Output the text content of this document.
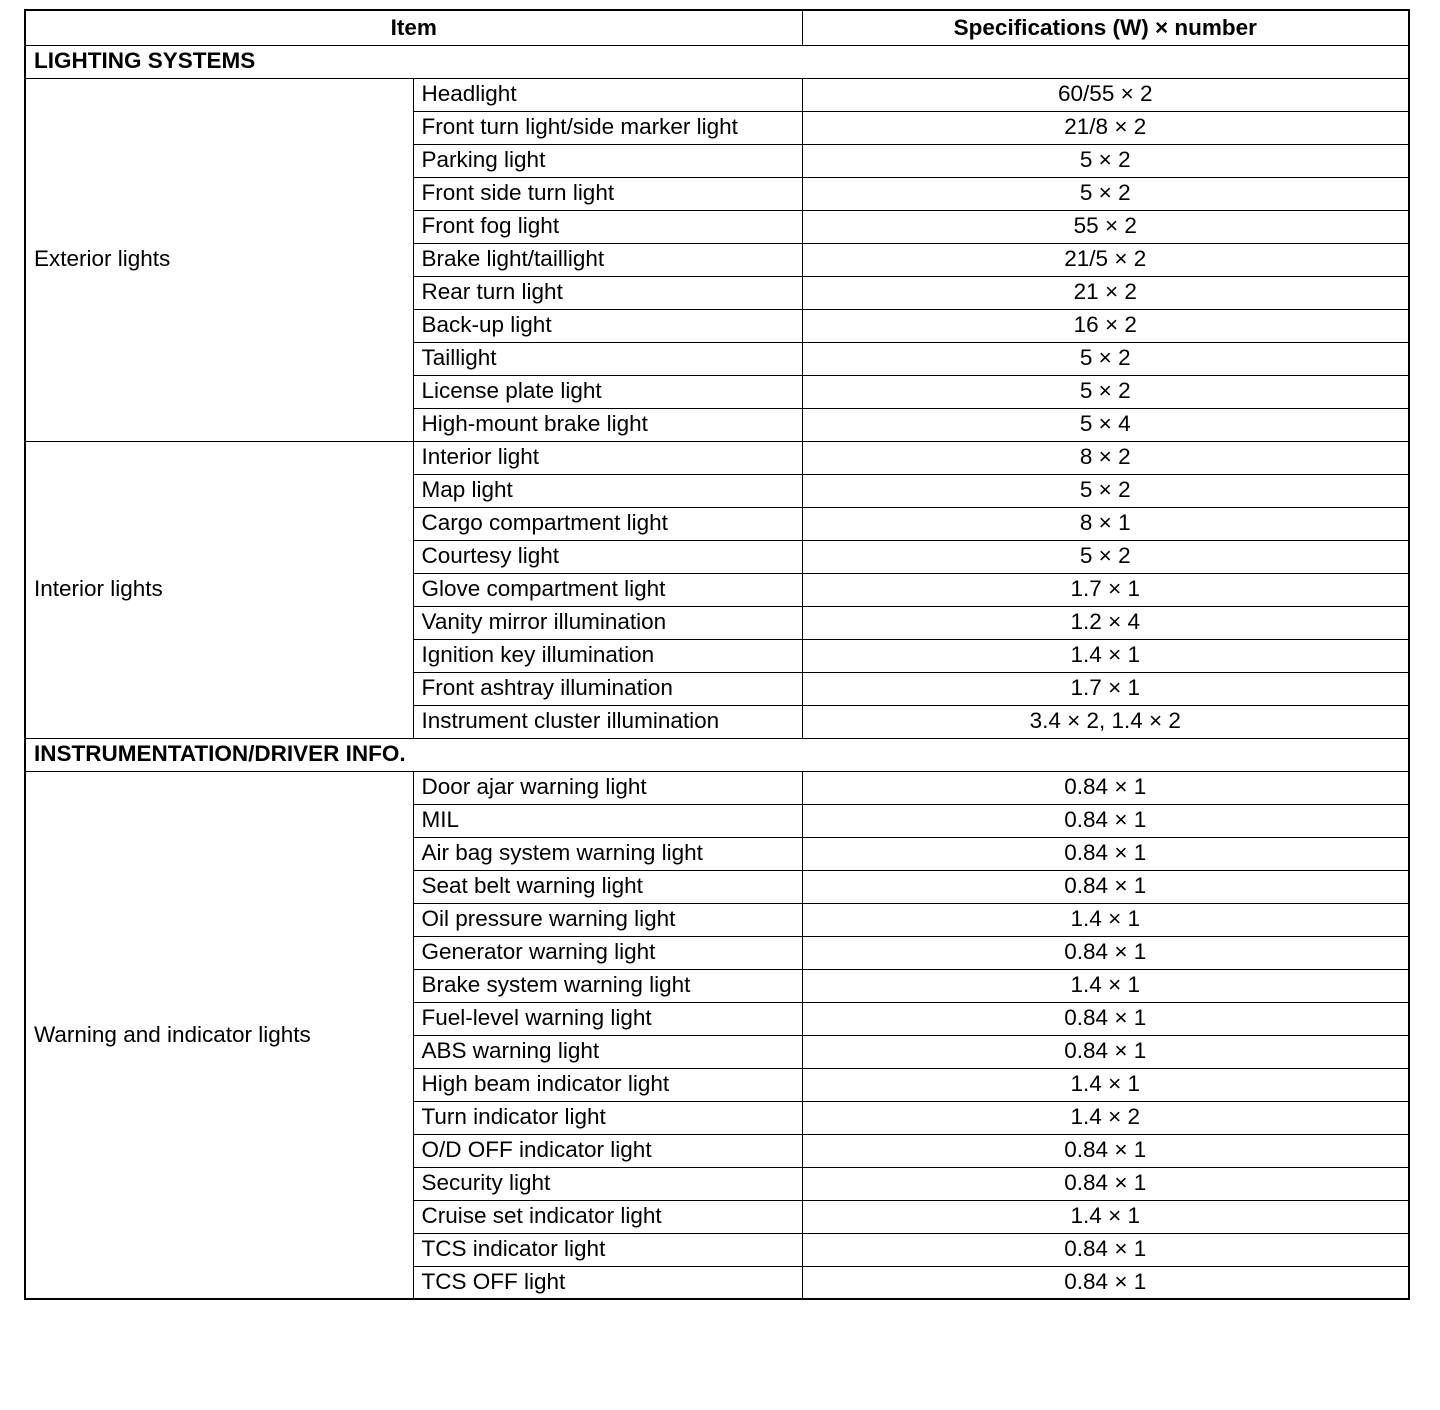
Item		Specifications (W) × number
LIGHTING SYSTEMS		
Exterior lights	Headlight	60/55 × 2
	Front turn light/side marker light	21/8 × 2
	Parking light	5 × 2
	Front side turn light	5 × 2
	Front fog light	55 × 2
	Brake light/taillight	21/5 × 2
	Rear turn light	21 × 2
	Back-up light	16 × 2
	Taillight	5 × 2
	License plate light	5 × 2
	High-mount brake light	5 × 4
Interior lights	Interior light	8 × 2
	Map light	5 × 2
	Cargo compartment light	8 × 1
	Courtesy light	5 × 2
	Glove compartment light	1.7 × 1
	Vanity mirror illumination	1.2 × 4
	Ignition key illumination	1.4 × 1
	Front ashtray illumination	1.7 × 1
	Instrument cluster illumination	3.4 × 2, 1.4 × 2
INSTRUMENTATION/DRIVER INFO.		
Warning and indicator lights	Door ajar warning light	0.84 × 1
	MIL	0.84 × 1
	Air bag system warning light	0.84 × 1
	Seat belt warning light	0.84 × 1
	Oil pressure warning light	1.4 × 1
	Generator warning light	0.84 × 1
	Brake system warning light	1.4 × 1
	Fuel-level warning light	0.84 × 1
	ABS warning light	0.84 × 1
	High beam indicator light	1.4 × 1
	Turn indicator light	1.4 × 2
	O/D OFF indicator light	0.84 × 1
	Security light	0.84 × 1
	Cruise set indicator light	1.4 × 1
	TCS indicator light	0.84 × 1
	TCS OFF light	0.84 × 1
